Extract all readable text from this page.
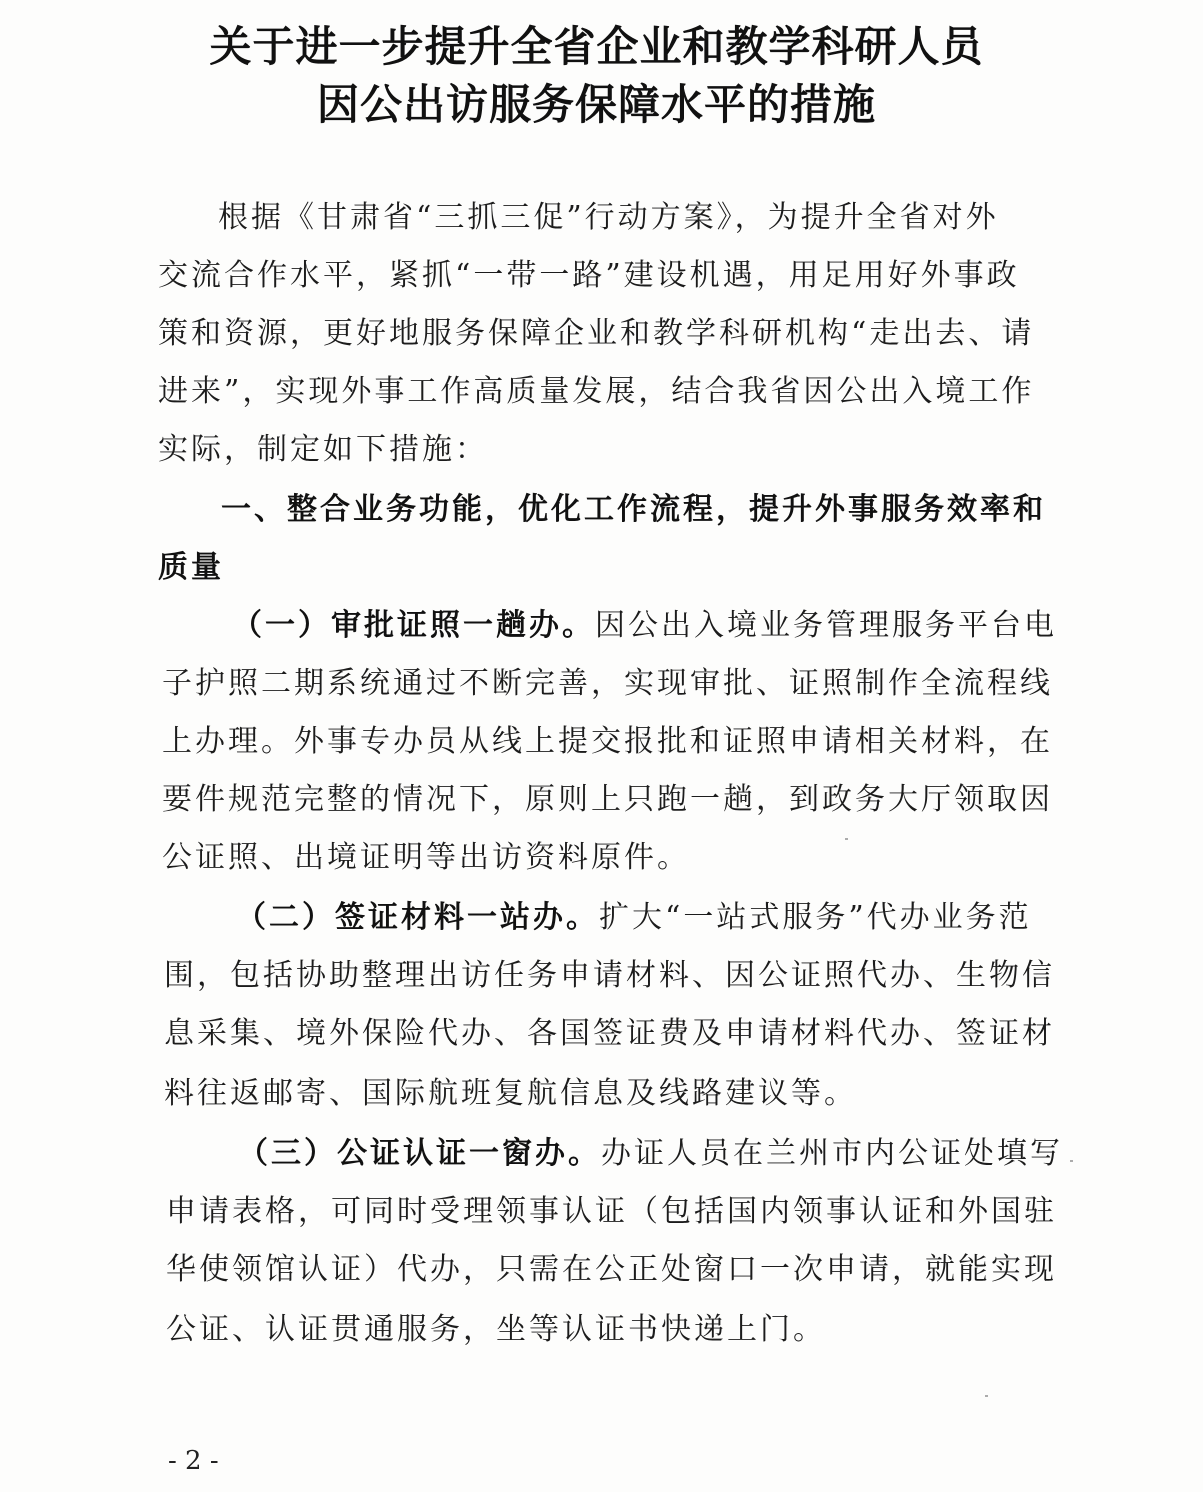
关于进一步提升全省企业和教学科研人员
因公出访服务保障水平的措施
根据《甘肃省“三抓三促”行动方案》，为提升全省对外
交流合作水平，紧抓“一带一路”建设机遇，用足用好外事政
策和资源，更好地服务保障企业和教学科研机构“走出去、请
进来”，实现外事工作高质量发展，结合我省因公出入境工作
实际，制定如下措施：
一、整合业务功能，优化工作流程，提升外事服务效率和
质量
（一）审批证照一趟办。因公出入境业务管理服务平台电
子护照二期系统通过不断完善，实现审批、证照制作全流程线
上办理。外事专办员从线上提交报批和证照申请相关材料，在
要件规范完整的情况下，原则上只跑一趟，到政务大厅领取因
公证照、出境证明等出访资料原件。
（二）签证材料一站办。扩大“一站式服务”代办业务范
围，包括协助整理出访任务申请材料、因公证照代办、生物信
息采集、境外保险代办、各国签证费及申请材料代办、签证材
料往返邮寄、国际航班复航信息及线路建议等。
（三）公证认证一窗办。办证人员在兰州市内公证处填写
申请表格，可同时受理领事认证（包括国内领事认证和外国驻
华使领馆认证）代办，只需在公正处窗口一次申请，就能实现
公证、认证贯通服务，坐等认证书快递上门。
- 2 -
